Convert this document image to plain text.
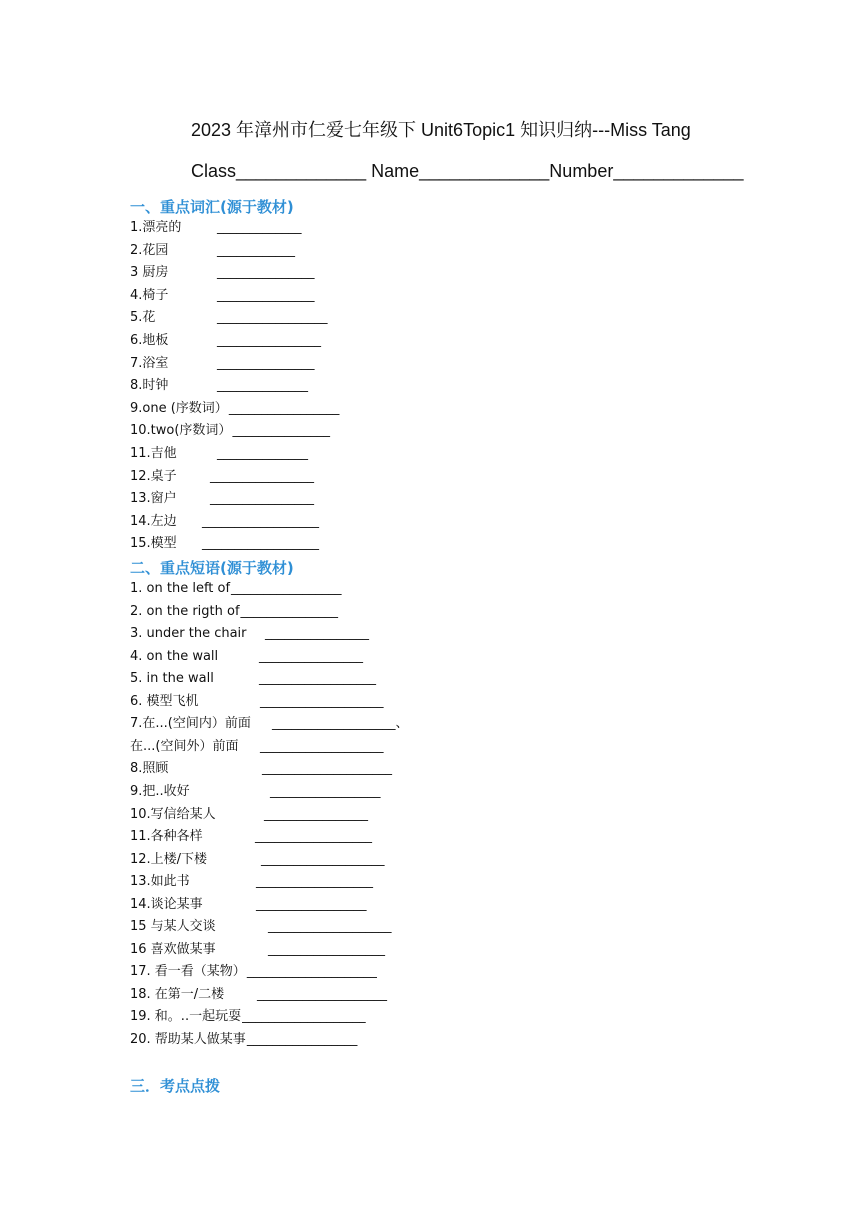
2023 年漳州市仁爱七年级下 Unit6Topic1 知识归纳---Miss Tang
Class_____________ Name_____________Number_____________
一、重点词汇(源于教材)
1.漂亮的	_____________
2.花园	____________
3 厨房	_______________
4.椅子	_______________
5.花	_________________
6.地板	________________
7.浴室	_______________
8.时钟	______________
9.one (序数词） _________________
10.two(序数词） _______________
11.吉他	______________
12.桌子	________________
13.窗户	________________
14.左边 __________________
15.模型 __________________
二、重点短语(源于教材)
1. on the left of _________________
2. on the rigth of _______________
3. under the chair ________________
4. on the wall	________________
5. in the wall	__________________
6. 模型飞机	___________________
7.在...(空间内）前面 ___________________、
在...(空间外）前面 ___________________
8.照顾	____________________
9.把..收好	_________________
10.写信给某人	________________
11.各种各样	__________________
12.上楼/下楼	___________________
13.如此书	__________________
14.谈论某事	_________________
15 与某人交谈	___________________
16 喜欢做某事	__________________
17. 看一看（某物） ____________________
18. 在第一/二楼	____________________
19. 和。..一起玩耍 ___________________
20. 帮助某人做某事 _________________
三．考点点拨
